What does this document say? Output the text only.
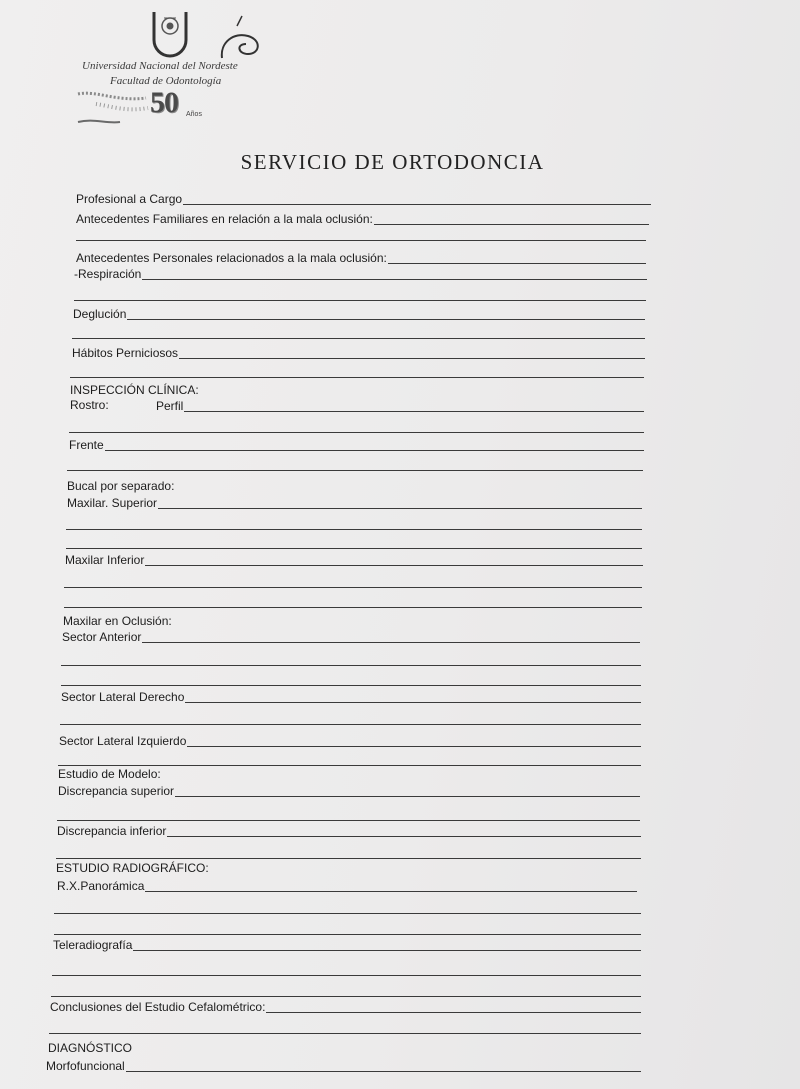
Universidad Nacional del Nordeste
Facultad de Odontología
50 Años
SERVICIO DE ORTODONCIA
Profesional a Cargo
Antecedentes Familiares en relación a la mala oclusión:
Antecedentes Personales relacionados a la mala oclusión:
-Respiración
Deglución
Hábitos Perniciosos
INSPECCIÓN CLÍNICA:
Rostro:	Perfil
Frente
Bucal por separado:
Maxilar. Superior
Maxilar Inferior
Maxilar en Oclusión:
Sector Anterior
Sector Lateral Derecho
Sector Lateral Izquierdo
Estudio de Modelo:
Discrepancia superior
Discrepancia inferior
ESTUDIO RADIOGRÁFICO:
R.X.Panorámica
Teleradiografía
Conclusiones del Estudio Cefalométrico:
DIAGNÓSTICO
Morfofuncional
